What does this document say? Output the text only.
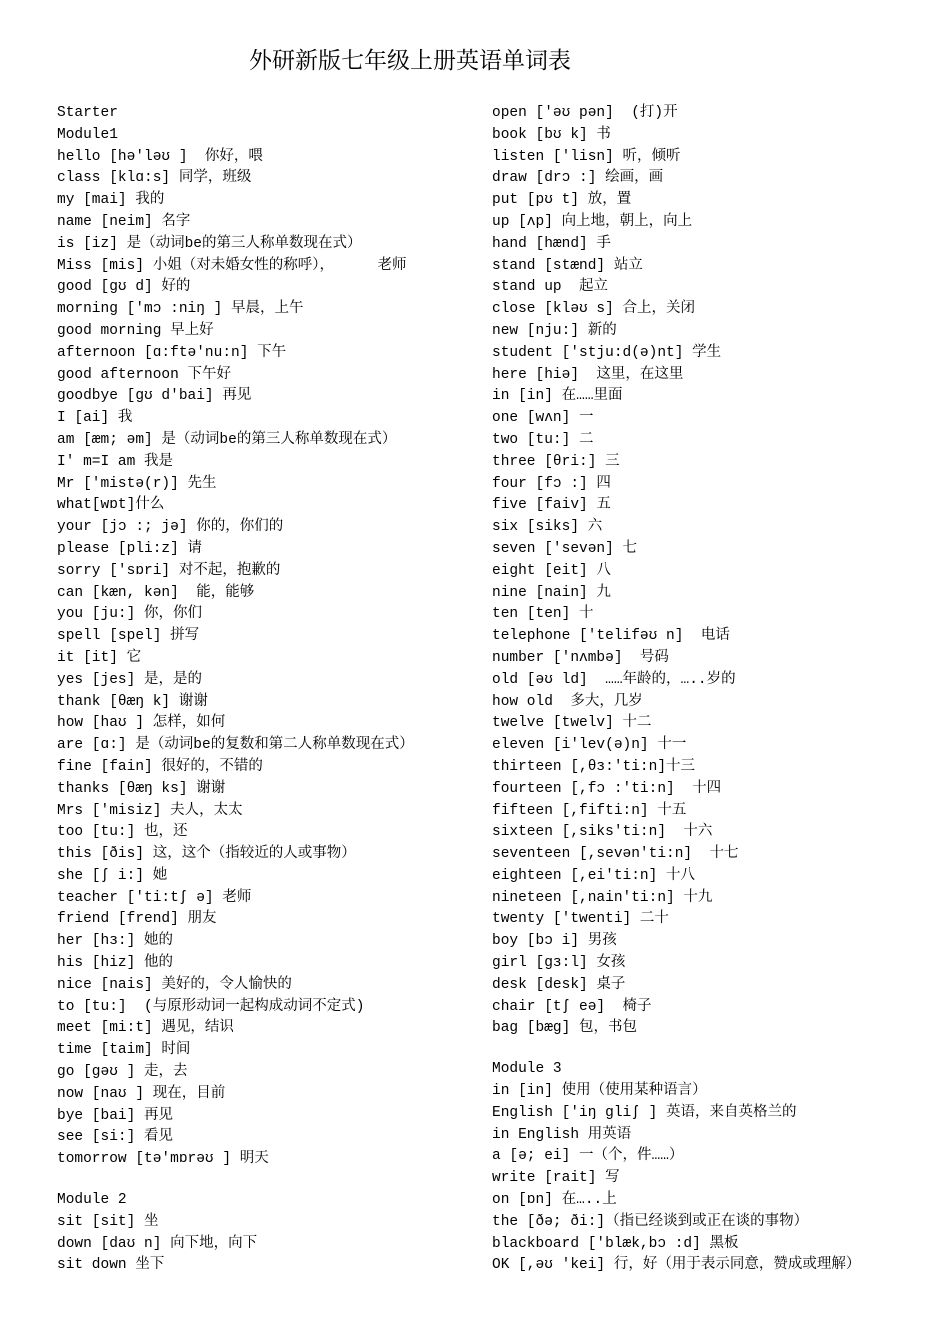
外研新版七年级上册英语单词表
Starter
Module1
hello [hə'ləʊ ]  你好，喂
class [klɑ:s] 同学，班级
my [mai] 我的
name [neim] 名字
is [iz] 是（动词be的第三人称单数现在式）
Miss [mis] 小姐（对未婚女性的称呼），     老师
good [gʊ d] 好的
morning ['mɔ :niŋ ] 早晨，上午
good morning 早上好
afternoon [ɑ:ftə'nu:n] 下午
good afternoon 下午好
goodbye [gʊ d'bai] 再见
I [ai] 我
am [æm; əm] 是（动词be的第三人称单数现在式）
I' m=I am 我是
Mr ['mistə(r)] 先生
what[wɒt]什么
your [jɔ :; jə] 你的，你们的
please [pli:z] 请
sorry ['sɒri] 对不起，抱歉的
can [kæn, kən]  能，能够
you [ju:] 你，你们
spell [spel] 拼写
it [it] 它
yes [jes] 是，是的
thank [θæŋ k] 谢谢
how [haʊ ] 怎样，如何
are [ɑ:] 是（动词be的复数和第二人称单数现在式）
fine [fain] 很好的，不错的
thanks [θæŋ ks] 谢谢
Mrs ['misiz] 夫人，太太
too [tu:] 也，还
this [ðis] 这，这个（指较近的人或事物）
she [ʃ i:] 她
teacher ['ti:tʃ ə] 老师
friend [frend] 朋友
her [hɜ:] 她的
his [hiz] 他的
nice [nais] 美好的，令人愉快的
to [tu:]  (与原形动词一起构成动词不定式)
meet [mi:t] 遇见，结识
time [taim] 时间
go [gəʊ ] 走，去
now [naʊ ] 现在，目前
bye [bai] 再见
see [si:] 看见
tomorrow [tə'mɒrəʊ ] 明天
Module 2
sit [sit] 坐
down [daʊ n] 向下地，向下
sit down 坐下
open ['əʊ pən]  (打)开
book [bʊ k] 书
listen ['lisn] 听，倾听
draw [drɔ :] 绘画，画
put [pʊ t] 放，置
up [ʌp] 向上地，朝上，向上
hand [hænd] 手
stand [stænd] 站立
stand up  起立
close [kləʊ s] 合上，关闭
new [nju:] 新的
student ['stju:d(ə)nt] 学生
here [hiə]  这里，在这里
in [in] 在……里面
one [wʌn] 一
two [tu:] 二
three [θri:] 三
four [fɔ :] 四
five [faiv] 五
six [siks] 六
seven ['sevən] 七
eight [eit] 八
nine [nain] 九
ten [ten] 十
telephone ['telifəʊ n]  电话
number ['nʌmbə]  号码
old [əʊ ld]  ……年龄的，…..岁的
how old  多大，几岁
twelve [twelv] 十二
eleven [i'lev(ə)n] 十一
thirteen [,θɜ:'ti:n]十三
fourteen [,fɔ :'ti:n]  十四
fifteen [,fifti:n] 十五
sixteen [,siks'ti:n]  十六
seventeen [,sevən'ti:n]  十七
eighteen [,ei'ti:n] 十八
nineteen [,nain'ti:n] 十九
twenty ['twenti] 二十
boy [bɔ i] 男孩
girl [gɜ:l] 女孩
desk [desk] 桌子
chair [tʃ eə]  椅子
bag [bæg] 包，书包
Module 3
in [in] 使用（使用某种语言）
English ['iŋ gliʃ ] 英语，来自英格兰的
in English 用英语
a [ə; ei] 一（个，件……）
write [rait] 写
on [ɒn] 在…..上
the [ðə; ði:]（指已经谈到或正在谈的事物）
blackboard ['blæk,bɔ :d] 黑板
OK [,əʊ 'kei] 行，好（用于表示同意，赞成或理解）
